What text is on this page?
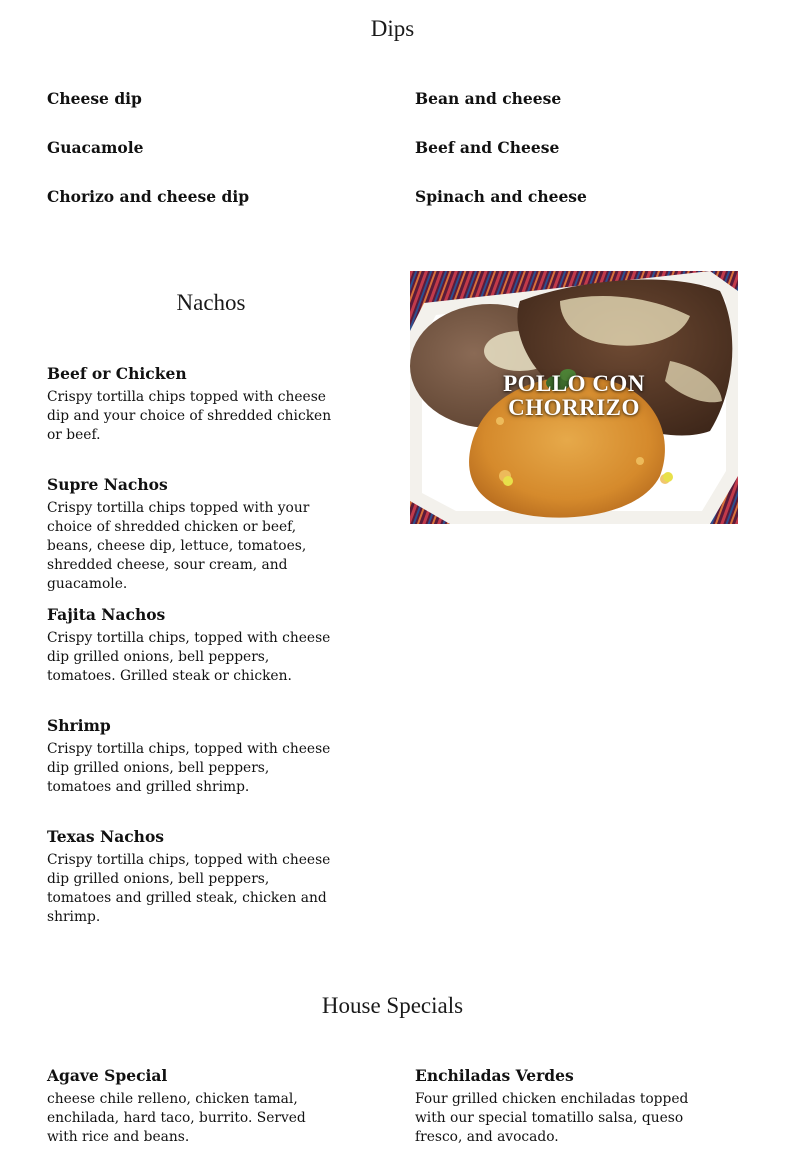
Dips
Cheese dip	Bean and cheese
Guacamole	Beef and Cheese
Chorizo and cheese dip	Spinach and cheese
Nachos
Beef or Chicken

Crispy tortilla chips topped with cheese dip and your choice of shredded chicken or beef.

Supre Nachos

Crispy tortilla chips topped with your choice of shredded chicken or beef, beans, cheese dip, lettuce, tomatoes, shredded cheese, sour cream, and guacamole.

Fajita Nachos

Crispy tortilla chips, topped with cheese dip grilled onions, bell peppers, tomatoes. Grilled steak or chicken.

Shrimp

Crispy tortilla chips, topped with cheese dip grilled onions, bell peppers, tomatoes and grilled shrimp.

Texas Nachos

Crispy tortilla chips, topped with cheese dip grilled onions, bell peppers, tomatoes and grilled steak, chicken and shrimp.

POLLO CON CHORRIZO
House Specials
Agave Special

cheese chile relleno, chicken tamal, enchilada, hard taco, burrito. Served with rice and beans.

Enchiladas Verdes

Four grilled chicken enchiladas topped with our special tomatillo salsa, queso fresco, and avocado.
